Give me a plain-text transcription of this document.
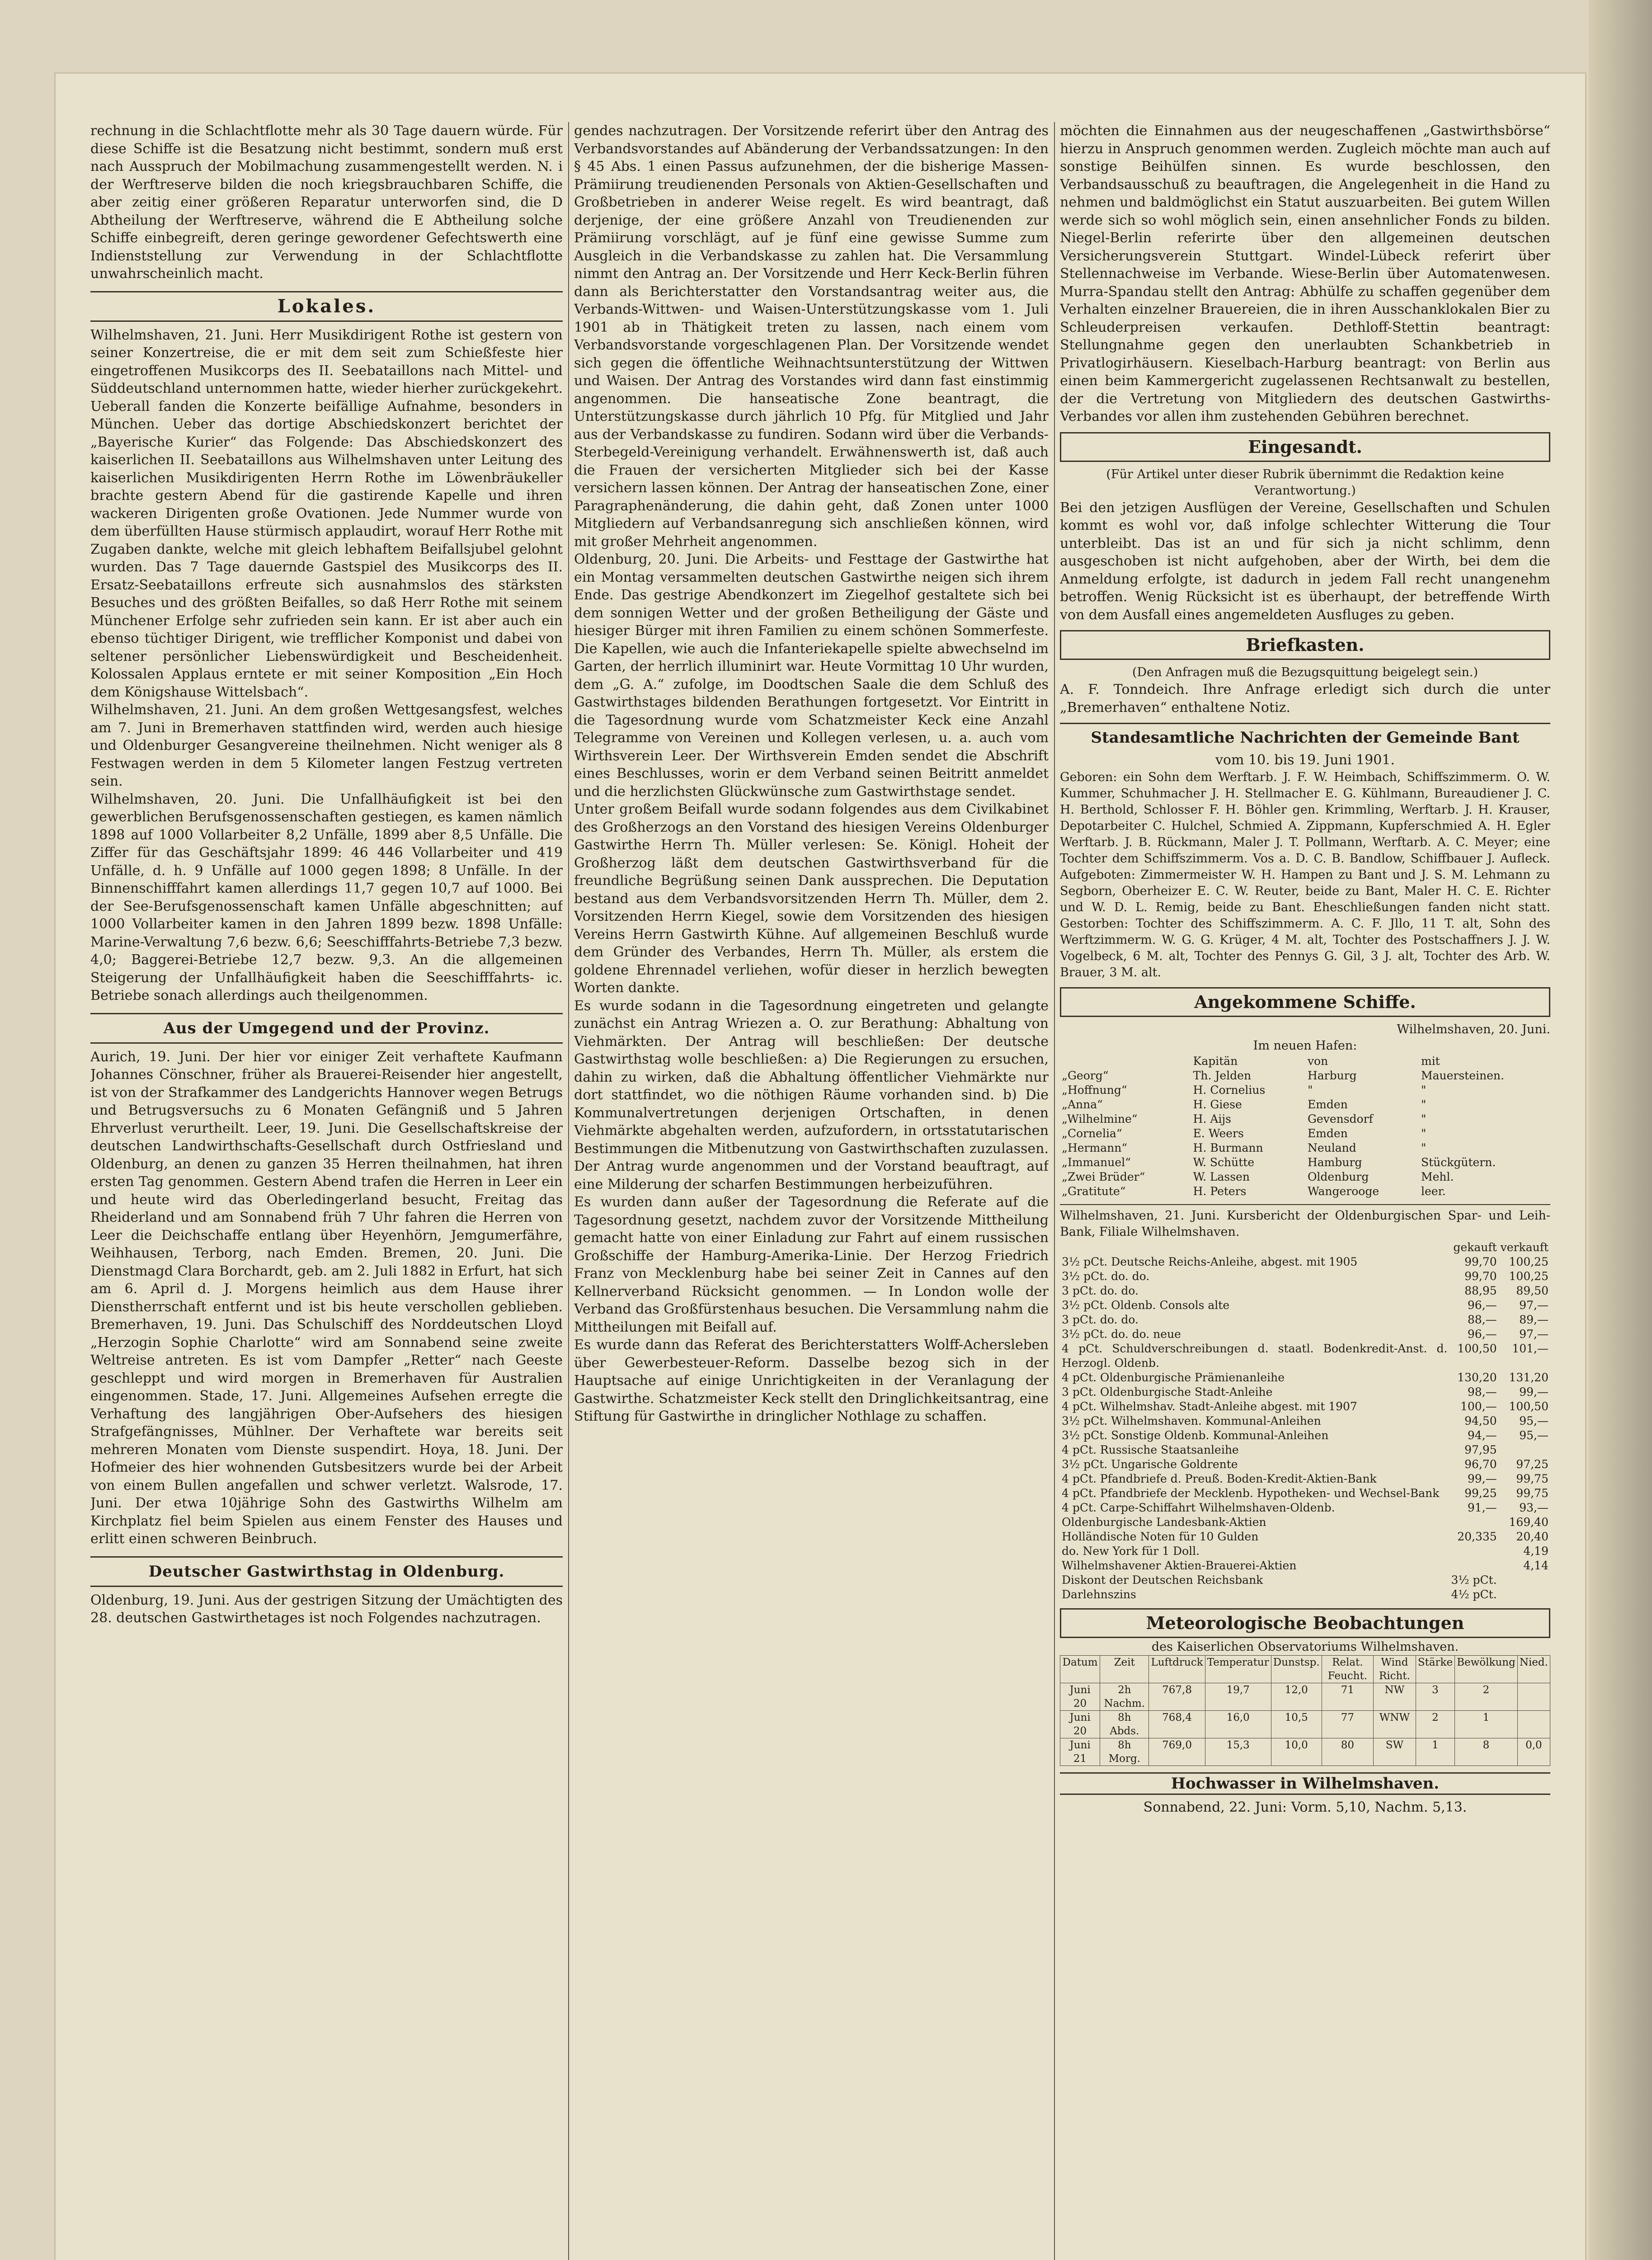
rechnung in die Schlachtflotte mehr als 30 Tage dauern würde. Für diese Schiffe ist die Besatzung nicht bestimmt, sondern muß erst nach Ausspruch der Mobilmachung zusammengestellt werden. N. i der Werftreserve bilden die noch kriegsbrauchbaren Schiffe, die aber zeitig einer größeren Reparatur unterworfen sind, die D Abtheilung der Werftreserve, während die E Abtheilung solche Schiffe einbegreift, deren geringe gewordener Gefechtswerth eine Indienststellung zur Verwendung in der Schlachtflotte unwahrscheinlich macht.

Lokales.

Wilhelmshaven, 21. Juni. Herr Musikdirigent Rothe ist gestern von seiner Konzertreise, die er mit dem seit zum Schießfeste hier eingetroffenen Musikcorps des II. Seebataillons nach Mittel- und Süddeutschland unternommen hatte, wieder hierher zurückgekehrt. Ueberall fanden die Konzerte beifällige Aufnahme, besonders in München. Ueber das dortige Abschiedskonzert berichtet der „Bayerische Kurier“ das Folgende: Das Abschiedskonzert des kaiserlichen II. Seebataillons aus Wilhelmshaven unter Leitung des kaiserlichen Musikdirigenten Herrn Rothe im Löwenbräukeller brachte gestern Abend für die gastirende Kapelle und ihren wackeren Dirigenten große Ovationen. Jede Nummer wurde von dem überfüllten Hause stürmisch applaudirt, worauf Herr Rothe mit Zugaben dankte, welche mit gleich lebhaftem Beifallsjubel gelohnt wurden. Das 7 Tage dauernde Gastspiel des Musikcorps des II. Ersatz-Seebataillons erfreute sich ausnahmslos des stärksten Besuches und des größten Beifalles, so daß Herr Rothe mit seinem Münchener Erfolge sehr zufrieden sein kann. Er ist aber auch ein ebenso tüchtiger Dirigent, wie trefflicher Komponist und dabei von seltener persönlicher Liebenswürdigkeit und Bescheidenheit. Kolossalen Applaus erntete er mit seiner Komposition „Ein Hoch dem Königshause Wittelsbach“.

Wilhelmshaven, 21. Juni. An dem großen Wettgesangsfest, welches am 7. Juni in Bremerhaven stattfinden wird, werden auch hiesige und Oldenburger Gesangvereine theilnehmen. Nicht weniger als 8 Festwagen werden in dem 5 Kilometer langen Festzug vertreten sein.

Wilhelmshaven, 20. Juni. Die Unfallhäufigkeit ist bei den gewerblichen Berufsgenossenschaften gestiegen, es kamen nämlich 1898 auf 1000 Vollarbeiter 8,2 Unfälle, 1899 aber 8,5 Unfälle. Die Ziffer für das Geschäftsjahr 1899: 46 446 Vollarbeiter und 419 Unfälle, d. h. 9 Unfälle auf 1000 gegen 1898; 8 Unfälle. In der Binnenschifffahrt kamen allerdings 11,7 gegen 10,7 auf 1000. Bei der See-Berufsgenossenschaft kamen Unfälle abgeschnitten; auf 1000 Vollarbeiter kamen in den Jahren 1899 bezw. 1898 Unfälle: Marine-Verwaltung 7,6 bezw. 6,6; Seeschifffahrts-Betriebe 7,3 bezw. 4,0; Baggerei-Betriebe 12,7 bezw. 9,3. An die allgemeinen Steigerung der Unfallhäufigkeit haben die Seeschifffahrts- ic. Betriebe sonach allerdings auch theilgenommen.

Aus der Umgegend und der Provinz.

Aurich, 19. Juni. Der hier vor einiger Zeit verhaftete Kaufmann Johannes Cönschner, früher als Brauerei-Reisender hier angestellt, ist von der Strafkammer des Landgerichts Hannover wegen Betrugs und Betrugsversuchs zu 6 Monaten Gefängniß und 5 Jahren Ehrverlust verurtheilt. Leer, 19. Juni. Die Gesellschaftskreise der deutschen Landwirthschafts-Gesellschaft durch Ostfriesland und Oldenburg, an denen zu ganzen 35 Herren theilnahmen, hat ihren ersten Tag genommen. Gestern Abend trafen die Herren in Leer ein und heute wird das Oberledingerland besucht, Freitag das Rheiderland und am Sonnabend früh 7 Uhr fahren die Herren von Leer die Deichschaffe entlang über Heyenhörn, Jemgumerfähre, Weihhausen, Terborg, nach Emden. Bremen, 20. Juni. Die Dienstmagd Clara Borchardt, geb. am 2. Juli 1882 in Erfurt, hat sich am 6. April d. J. Morgens heimlich aus dem Hause ihrer Dienstherrschaft entfernt und ist bis heute verschollen geblieben. Bremerhaven, 19. Juni. Das Schulschiff des Norddeutschen Lloyd „Herzogin Sophie Charlotte“ wird am Sonnabend seine zweite Weltreise antreten. Es ist vom Dampfer „Retter“ nach Geeste geschleppt und wird morgen in Bremerhaven für Australien eingenommen. Stade, 17. Juni. Allgemeines Aufsehen erregte die Verhaftung des langjährigen Ober-Aufsehers des hiesigen Strafgefängnisses, Mühlner. Der Verhaftete war bereits seit mehreren Monaten vom Dienste suspendirt. Hoya, 18. Juni. Der Hofmeier des hier wohnenden Gutsbesitzers wurde bei der Arbeit von einem Bullen angefallen und schwer verletzt. Walsrode, 17. Juni. Der etwa 10jährige Sohn des Gastwirths Wilhelm am Kirchplatz fiel beim Spielen aus einem Fenster des Hauses und erlitt einen schweren Beinbruch.

Deutscher Gastwirthstag in Oldenburg.

Oldenburg, 19. Juni. Aus der gestrigen Sitzung der Umächtigten des 28. deutschen Gastwirthetages ist noch Folgendes nachzutragen.

gendes nachzutragen. Der Vorsitzende referirt über den Antrag des Verbandsvorstandes auf Abänderung der Verbandssatzungen: In den § 45 Abs. 1 einen Passus aufzunehmen, der die bisherige Massen-Prämiirung treudienenden Personals von Aktien-Gesellschaften und Großbetrieben in anderer Weise regelt. Es wird beantragt, daß derjenige, der eine größere Anzahl von Treudienenden zur Prämiirung vorschlägt, auf je fünf eine gewisse Summe zum Ausgleich in die Verbandskasse zu zahlen hat. Die Versammlung nimmt den Antrag an. Der Vorsitzende und Herr Keck-Berlin führen dann als Berichterstatter den Vorstandsantrag weiter aus, die Verbands-Wittwen- und Waisen-Unterstützungskasse vom 1. Juli 1901 ab in Thätigkeit treten zu lassen, nach einem vom Verbandsvorstande vorgeschlagenen Plan. Der Vorsitzende wendet sich gegen die öffentliche Weihnachtsunterstützung der Wittwen und Waisen. Der Antrag des Vorstandes wird dann fast einstimmig angenommen. Die hanseatische Zone beantragt, die Unterstützungskasse durch jährlich 10 Pfg. für Mitglied und Jahr aus der Verbandskasse zu fundiren. Sodann wird über die Verbands-Sterbegeld-Vereinigung verhandelt. Erwähnenswerth ist, daß auch die Frauen der versicherten Mitglieder sich bei der Kasse versichern lassen können. Der Antrag der hanseatischen Zone, einer Paragraphenänderung, die dahin geht, daß Zonen unter 1000 Mitgliedern auf Verbandsanregung sich anschließen können, wird mit großer Mehrheit angenommen.

Oldenburg, 20. Juni. Die Arbeits- und Festtage der Gastwirthe hat ein Montag versammelten deutschen Gastwirthe neigen sich ihrem Ende. Das gestrige Abendkonzert im Ziegelhof gestaltete sich bei dem sonnigen Wetter und der großen Betheiligung der Gäste und hiesiger Bürger mit ihren Familien zu einem schönen Sommerfeste. Die Kapellen, wie auch die Infanteriekapelle spielte abwechselnd im Garten, der herrlich illuminirt war. Heute Vormittag 10 Uhr wurden, dem „G. A.“ zufolge, im Doodtschen Saale die dem Schluß des Gastwirthstages bildenden Berathungen fortgesetzt. Vor Eintritt in die Tagesordnung wurde vom Schatzmeister Keck eine Anzahl Telegramme von Vereinen und Kollegen verlesen, u. a. auch vom Wirthsverein Leer. Der Wirthsverein Emden sendet die Abschrift eines Beschlusses, worin er dem Verband seinen Beitritt anmeldet und die herzlichsten Glückwünsche zum Gastwirthstage sendet.

Unter großem Beifall wurde sodann folgendes aus dem Civilkabinet des Großherzogs an den Vorstand des hiesigen Vereins Oldenburger Gastwirthe Herrn Th. Müller verlesen: Se. Königl. Hoheit der Großherzog läßt dem deutschen Gastwirthsverband für die freundliche Begrüßung seinen Dank aussprechen. Die Deputation bestand aus dem Verbandsvorsitzenden Herrn Th. Müller, dem 2. Vorsitzenden Herrn Kiegel, sowie dem Vorsitzenden des hiesigen Vereins Herrn Gastwirth Kühne. Auf allgemeinen Beschluß wurde dem Gründer des Verbandes, Herrn Th. Müller, als erstem die goldene Ehrennadel verliehen, wofür dieser in herzlich bewegten Worten dankte.

Es wurde sodann in die Tagesordnung eingetreten und gelangte zunächst ein Antrag Wriezen a. O. zur Berathung: Abhaltung von Viehmärkten. Der Antrag will beschließen: Der deutsche Gastwirthstag wolle beschließen: a) Die Regierungen zu ersuchen, dahin zu wirken, daß die Abhaltung öffentlicher Viehmärkte nur dort stattfindet, wo die nöthigen Räume vorhanden sind. b) Die Kommunalvertretungen derjenigen Ortschaften, in denen Viehmärkte abgehalten werden, aufzufordern, in ortsstatutarischen Bestimmungen die Mitbenutzung von Gastwirthschaften zuzulassen. Der Antrag wurde angenommen und der Vorstand beauftragt, auf eine Milderung der scharfen Bestimmungen herbeizuführen.

Es wurden dann außer der Tagesordnung die Referate auf die Tagesordnung gesetzt, nachdem zuvor der Vorsitzende Mittheilung gemacht hatte von einer Einladung zur Fahrt auf einem russischen Großschiffe der Hamburg-Amerika-Linie. Der Herzog Friedrich Franz von Mecklenburg habe bei seiner Zeit in Cannes auf den Kellnerverband Rücksicht genommen. — In London wolle der Verband das Großfürstenhaus besuchen. Die Versammlung nahm die Mittheilungen mit Beifall auf.

Es wurde dann das Referat des Berichterstatters Wolff-Achersleben über Gewerbesteuer-Reform. Dasselbe bezog sich in der Hauptsache auf einige Unrichtigkeiten in der Veranlagung der Gastwirthe. Schatzmeister Keck stellt den Dringlichkeitsantrag, eine Stiftung für Gastwirthe in dringlicher Nothlage zu schaffen.

möchten die Einnahmen aus der neugeschaffenen „Gastwirthsbörse“ hierzu in Anspruch genommen werden. Zugleich möchte man auch auf sonstige Beihülfen sinnen. Es wurde beschlossen, den Verbandsausschuß zu beauftragen, die Angelegenheit in die Hand zu nehmen und baldmöglichst ein Statut auszuarbeiten. Bei gutem Willen werde sich so wohl möglich sein, einen ansehnlicher Fonds zu bilden. Niegel-Berlin referirte über den allgemeinen deutschen Versicherungsverein Stuttgart. Windel-Lübeck referirt über Stellennachweise im Verbande. Wiese-Berlin über Automatenwesen. Murra-Spandau stellt den Antrag: Abhülfe zu schaffen gegenüber dem Verhalten einzelner Brauereien, die in ihren Ausschanklokalen Bier zu Schleuderpreisen verkaufen. Dethloff-Stettin beantragt: Stellungnahme gegen den unerlaubten Schankbetrieb in Privatlogirhäusern. Kieselbach-Harburg beantragt: von Berlin aus einen beim Kammergericht zugelassenen Rechtsanwalt zu bestellen, der die Vertretung von Mitgliedern des deutschen Gastwirths-Verbandes vor allen ihm zustehenden Gebühren berechnet.

Eingesandt.

(Für Artikel unter dieser Rubrik übernimmt die Redaktion keine Verantwortung.)

Bei den jetzigen Ausflügen der Vereine, Gesellschaften und Schulen kommt es wohl vor, daß infolge schlechter Witterung die Tour unterbleibt. Das ist an und für sich ja nicht schlimm, denn ausgeschoben ist nicht aufgehoben, aber der Wirth, bei dem die Anmeldung erfolgte, ist dadurch in jedem Fall recht unangenehm betroffen. Wenig Rücksicht ist es überhaupt, der betreffende Wirth von dem Ausfall eines angemeldeten Ausfluges zu geben.

Briefkasten.

(Den Anfragen muß die Bezugsquittung beigelegt sein.)

A. F. Tonndeich. Ihre Anfrage erledigt sich durch die unter „Bremerhaven“ enthaltene Notiz.

Standesamtliche Nachrichten der Gemeinde Bant

vom 10. bis 19. Juni 1901.

Geboren: ein Sohn dem Werftarb. J. F. W. Heimbach, Schiffszimmerm. O. W. Kummer, Schuhmacher J. H. Stellmacher E. G. Kühlmann, Bureaudiener J. C. H. Berthold, Schlosser F. H. Böhler gen. Krimmling, Werftarb. J. H. Krauser, Depotarbeiter C. Hulchel, Schmied A. Zippmann, Kupferschmied A. H. Egler Werftarb. J. B. Rückmann, Maler J. T. Pollmann, Werftarb. A. C. Meyer; eine Tochter dem Schiffszimmerm. Vos a. D. C. B. Bandlow, Schiffbauer J. Aufleck. Aufgeboten: Zimmermeister W. H. Hampen zu Bant und J. S. M. Lehmann zu Segborn, Oberheizer E. C. W. Reuter, beide zu Bant, Maler H. C. E. Richter und W. D. L. Remig, beide zu Bant. Eheschließungen fanden nicht statt. Gestorben: Tochter des Schiffszimmerm. A. C. F. Jllo, 11 T. alt, Sohn des Werftzimmerm. W. G. G. Krüger, 4 M. alt, Tochter des Postschaffners J. J. W. Vogelbeck, 6 M. alt, Tochter des Pennys G. Gil, 3 J. alt, Tochter des Arb. W. Brauer, 3 M. alt.

Angekommene Schiffe.

Wilhelmshaven, 20. Juni.

Im neuen Hafen:

	Kapitän	von	mit
„Georg“	Th. Jelden	Harburg	Mauersteinen.
„Hoffnung“	H. Cornelius	"	"
„Anna“	H. Giese	Emden	"
„Wilhelmine“	H. Aijs	Gevensdorf	"
„Cornelia“	E. Weers	Emden	"
„Hermann“	H. Burmann	Neuland	"
„Immanuel“	W. Schütte	Hamburg	Stückgütern.
„Zwei Brüder“	W. Lassen	Oldenburg	Mehl.
„Gratitute“	H. Peters	Wangerooge	leer.

Wilhelmshaven, 21. Juni. Kursbericht der Oldenburgischen Spar- und Leih-Bank, Filiale Wilhelmshaven.

	gekauft	verkauft
3½ pCt. Deutsche Reichs-Anleihe, abgest. mit 1905	99,70	100,25
3½ pCt. do. do.	99,70	100,25
3 pCt. do. do.	88,95	89,50
3½ pCt. Oldenb. Consols alte	96,—	97,—
3 pCt. do. do.	88,—	89,—
3½ pCt. do. do. neue	96,—	97,—
4 pCt. Schuldverschreibungen d. staatl. Bodenkredit-Anst. d. Herzogl. Oldenb.	100,50	101,—
4 pCt. Oldenburgische Prämienanleihe	130,20	131,20
3 pCt. Oldenburgische Stadt-Anleihe	98,—	99,—
4 pCt. Wilhelmshav. Stadt-Anleihe abgest. mit 1907	100,—	100,50
3½ pCt. Wilhelmshaven. Kommunal-Anleihen	94,50	95,—
3½ pCt. Sonstige Oldenb. Kommunal-Anleihen	94,—	95,—
4 pCt. Russische Staatsanleihe	97,95	
3½ pCt. Ungarische Goldrente	96,70	97,25
4 pCt. Pfandbriefe d. Preuß. Boden-Kredit-Aktien-Bank	99,—	99,75
4 pCt. Pfandbriefe der Mecklenb. Hypotheken- und Wechsel-Bank	99,25	99,75
4 pCt. Carpe-Schiffahrt Wilhelmshaven-Oldenb.	91,—	93,—
Oldenburgische Landesbank-Aktien		169,40
Holländische Noten für 10 Gulden	20,335	20,40
do. New York für 1 Doll.		4,19
Wilhelmshavener Aktien-Brauerei-Aktien		4,14
Diskont der Deutschen Reichsbank	3½ pCt.	
Darlehnszins	4½ pCt.	
Meteorologische Beobachtungen

des Kaiserlichen Observatoriums Wilhelmshaven.

Datum	Zeit	Luftdruck	Temperatur	Dunstsp.	Relat. Feucht.	Wind Richt.	Stärke	Bewölkung	Nied.
Juni 20	2h Nachm.	767,8	19,7	12,0	71	NW	3	2	
Juni 20	8h Abds.	768,4	16,0	10,5	77	WNW	2	1	
Juni 21	8h Morg.	769,0	15,3	10,0	80	SW	1	8	0,0
Hochwasser in Wilhelmshaven.

Sonnabend, 22. Juni: Vorm. 5,10, Nachm. 5,13.
